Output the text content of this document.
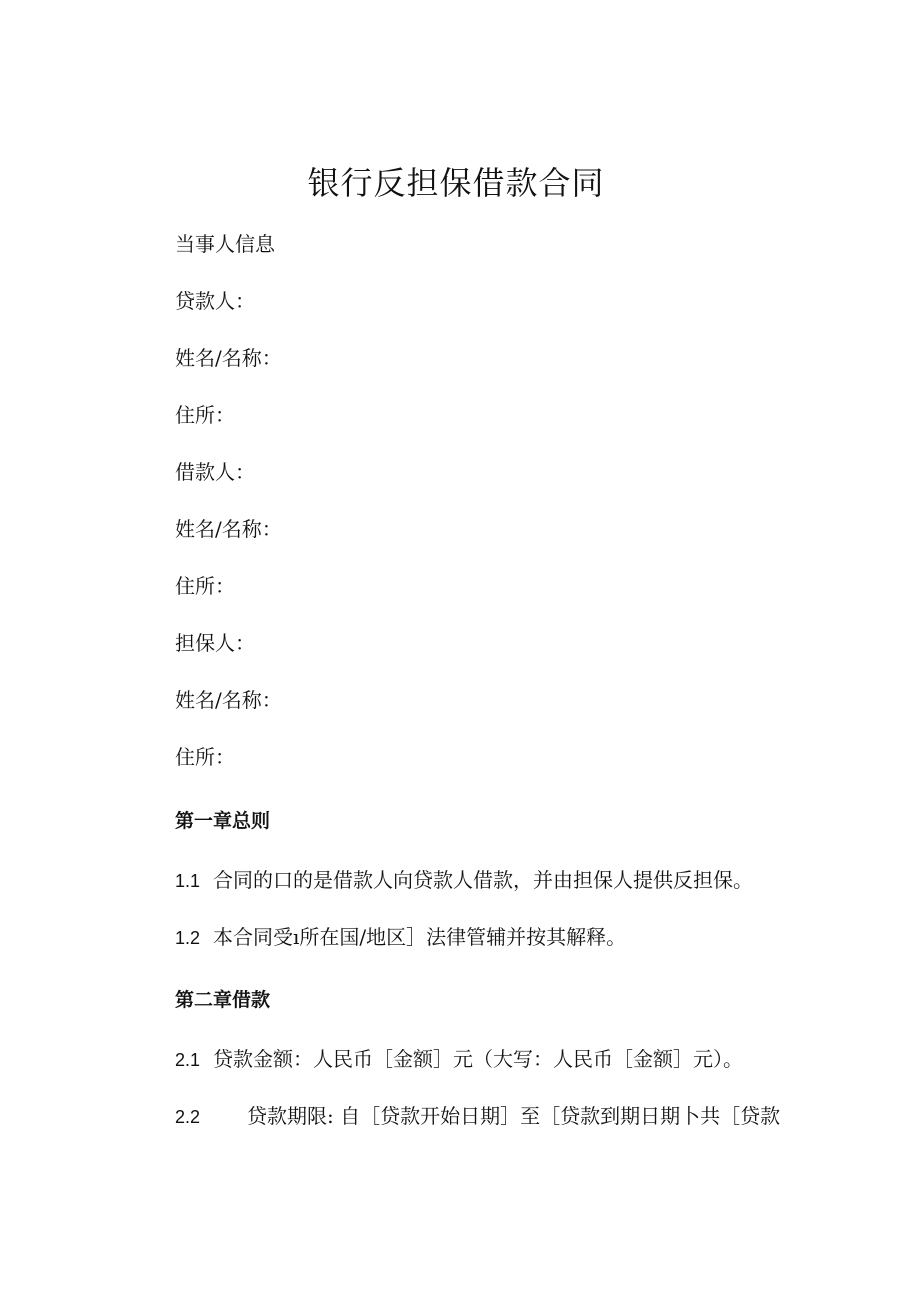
银行反担保借款合同

当事人信息

贷款人：

姓名/名称：

住所：

借款人：

姓名/名称：

住所：

担保人：

姓名/名称：

住所：

第一章总则

1.1 合同的口的是借款人向贷款人借款，并由担保人提供反担保。

1.2 本合同受ı所在国/地区］法律管辅并按其解释。

第二章借款

2.1 贷款金额：人民币［金额］元（大写：人民币［金额］元）。

2.2 贷款期限: 自［贷款开始日期］至［贷款到期日期卜共［贷款
